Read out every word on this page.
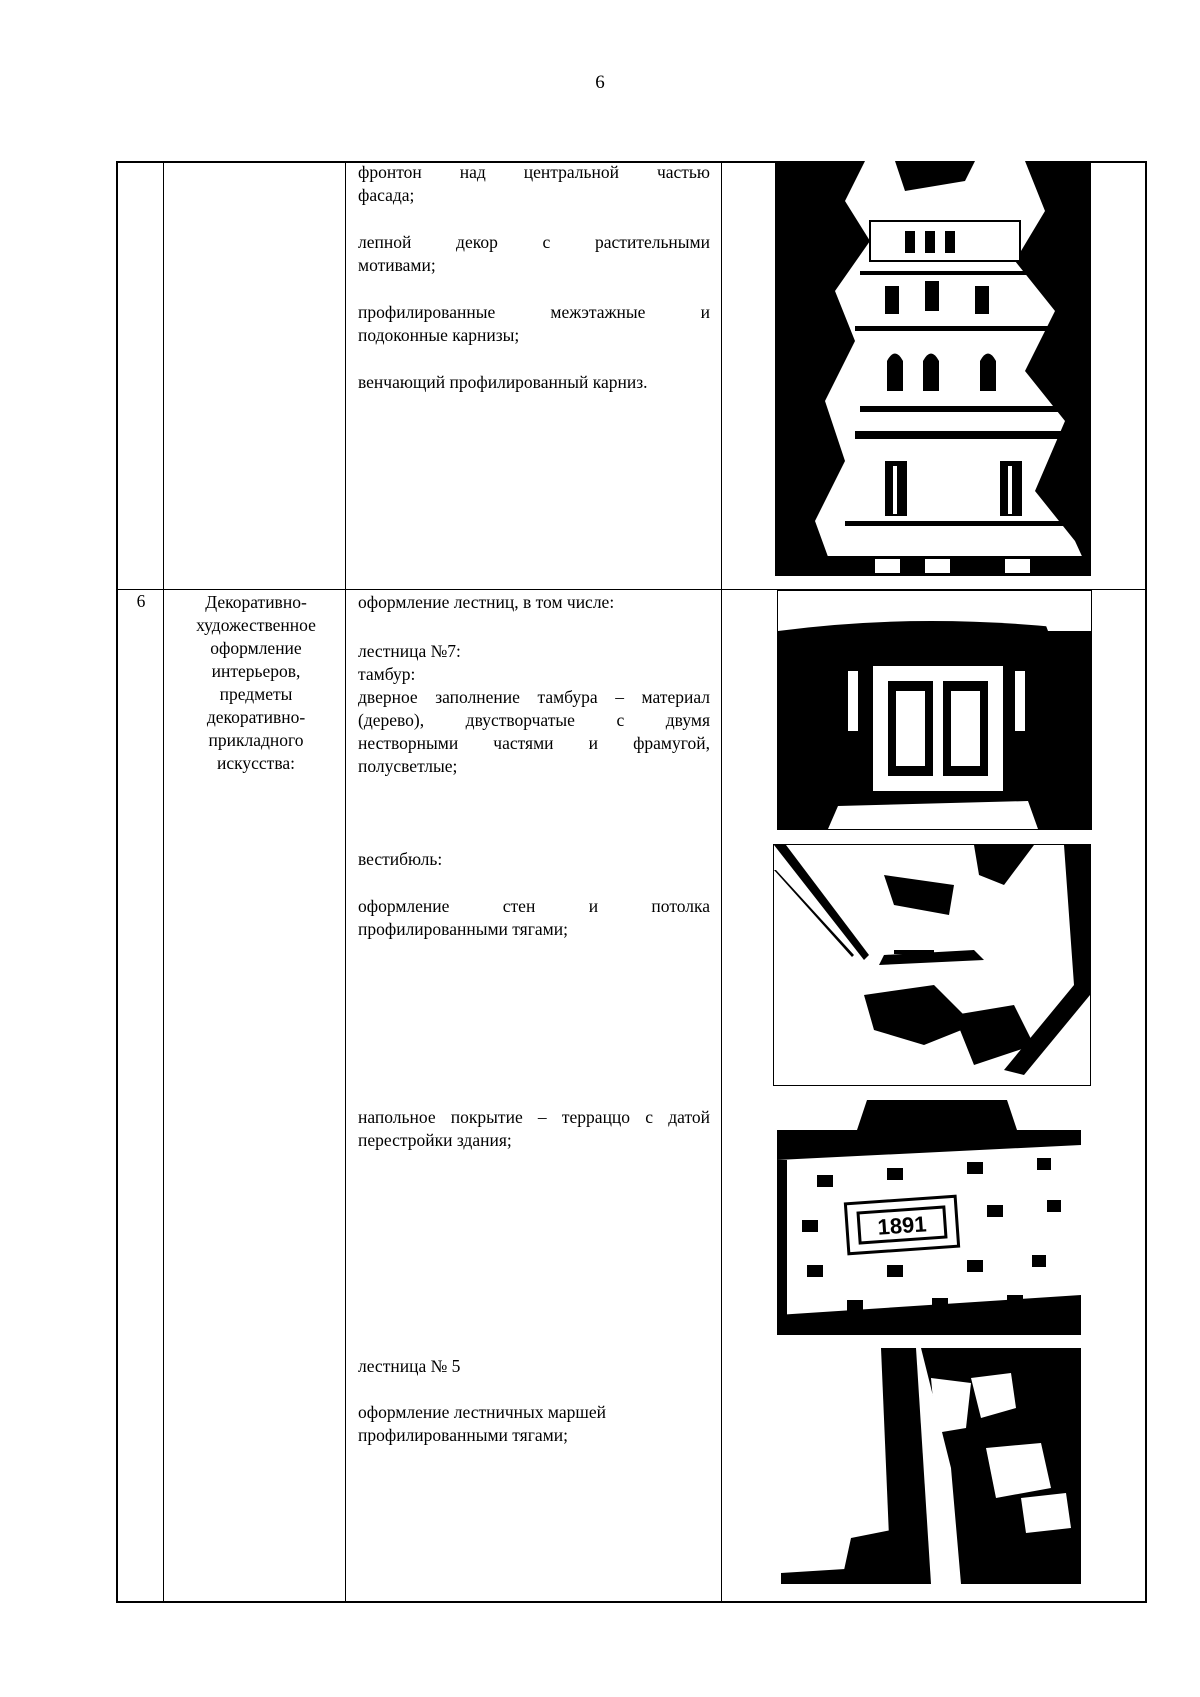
6
фронтон над центральной частью
фасада;
лепной декор с растительными
мотивами;
профилированные межэтажные и
подоконные карнизы;
венчающий профилированный карниз.
6	Декоративно-
художественное
оформление
интерьеров,
предметы
декоративно-
прикладного
искусства:
оформление лестниц, в том числе:
лестница №7:
тамбур:
дверное заполнение тамбура – материал
(дерево), двустворчатые с двумя
нестворными частями и фрамугой,
полусветлые;
вестибюль:
оформление стен и потолка
профилированными тягами;
напольное покрытие – терраццо с датой
перестройки здания;
лестница № 5
оформление лестничных маршей
профилированными тягами;
1891
